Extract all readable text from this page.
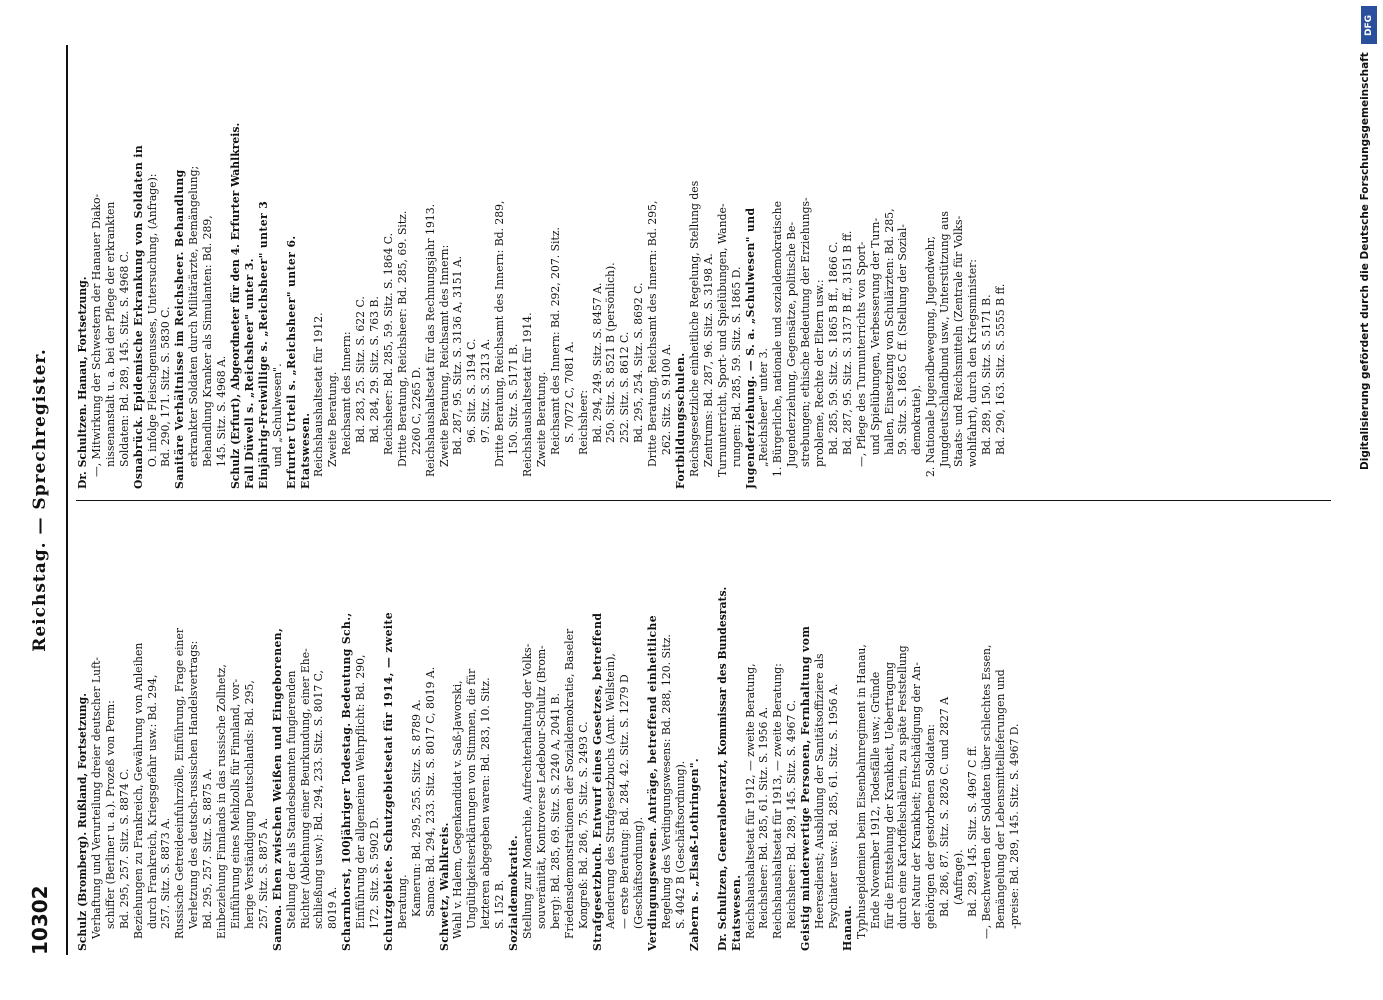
10302
Reichstag. — Sprechregister.
Schulz (Bromberg). Rußland, Fortsetzung. Verhaftung und Verurteilung dreier deutscher Luft- schiffer (Berliner u. a.). Prozeß von Perm: Bd. 295, 257. Sitz. S. 8874 C. Beziehungen zu Frankreich, Gewährung von Anleihen durch Frankreich, Kriegsgefahr usw.: Bd. 294, 257. Sitz. S. 8873 A. Russische Getreideeinfuhrzölle, Einführung, Frage einer Verletzung des deutsch-russischen Handelsvertrags: Bd. 295, 257. Sitz. S. 8875 A. Einbeziehung Finnlands in das russische Zollnetz, Einführung eines Mehlzolls für Finnland, vor- herige Verständigung Deutschlands: Bd. 295, 257. Sitz. S. 8875 A. Samoa. Ehen zwischen Weißen und Eingeborenen, Stellung der als Standesbeamten fungierenden Richter (Ablehnung einer Beurkundung, einer Ehe- schließung usw.): Bd. 294, 233. Sitz. S. 8017 C, 8019 A. Scharnhorst, 100jähriger Todestag. Bedeutung Sch., Einführung der allgemeinen Wehrpflicht: Bd. 290, 172. Sitz. S. 5902 D. Schutzgebiete. Schutzgebietsetat für 1914, — zweite Beratung. Kamerun: Bd. 295, 255. Sitz. S. 8789 A. Samoa: Bd. 294, 233. Sitz. S. 8017 C, 8019 A. Schwetz, Wahlkreis. Wahl v. Halem, Gegenkandidat v. Saß-Jaworski, Ungültigkeitserklärungen von Stimmen, die für letzteren abgegeben waren: Bd. 283, 10. Sitz. S. 152 B. Sozialdemokratie. Stellung zur Monarchie, Aufrechterhaltung der Volks- souveränität, Kontroverse Ledebour-Schultz (Brom- berg): Bd. 285, 69. Sitz. S. 2240 A, 2041 B. Friedensdemonstrationen der Sozialdemokratie, Baseler Kongreß: Bd. 286, 75. Sitz. S. 2493 C. Strafgesetzbuch. Entwurf eines Gesetzes, betreffend Aenderung des Strafgesetzbuchs (Amt. Wellstein), — erste Beratung: Bd. 284, 42. Sitz. S. 1279 D (Geschäftsordnung). Verdingungswesen. Anträge, betreffend einheitliche Regelung des Verdingungswesens: Bd. 288, 120. Sitz. S. 4042 B (Geschäftsordnung). Zabern s. „Elsaß-Lothringen".
Dr. Schultzen, Generaloberarzt, Kommissar des Bundesrats. Etatswesen. Reichshaushaltsetat für 1912, — zweite Beratung, Reichsheer: Bd. 285, 61. Sitz. S. 1956 A. Reichshaushaltsetat für 1913, — zweite Beratung: Reichsheer: Bd. 289, 145. Sitz. S. 4967 C. Geistig minderwertige Personen, Fernhaltung vom Heeresdienst; Ausbildung der Sanitätsoffiziere als Psychiater usw.: Bd. 285, 61. Sitz. S. 1956 A. Hanau. Typhusepidemien beim Eisenbahnregiment in Hanau, Ende November 1912, Todesfälle usw.; Gründe für die Entstehung der Krankheit, Uebertragung durch eine Kartoffelschälerin, zu späte Feststellung der Natur der Krankheit; Entschädigung der An- gehörigen der gestorbenen Soldaten: Bd. 286, 87. Sitz. S. 2826 C. und 2827 A (Anfrage). Bd. 289, 145. Sitz. S. 4967 C ff. —, Beschwerden der Soldaten über schlechtes Essen, Bemängelung der Lebensmittellieferungen und -preise: Bd. 289, 145. Sitz. S. 4967 D.
Dr. Schultzen. Hanau, Fortsetzung. —, Mitwirkung der Schwestern der Hanauer Diako- nissenanstalt u. a. bei der Pflege der erkrankten Soldaten: Bd. 289, 145. Sitz. S. 4968 C. Osnabrück. Epidemische Erkrankung von Soldaten in O. infolge Fleischgenusses, Untersuchung, (Anfrage): Bd. 290, 171. Sitz. S. 5830 C. Sanitäre Verhältnisse im Reichsheer. Behandlung erkrankter Soldaten durch Militärärzte, Bemängelung; Behandlung Kranker als Simulanten: Bd. 289, 145. Sitz. S. 4968 A. Schulz (Erfurt), Abgeordneter für den 4. Erfurter Wahlkreis. Fall Düwell s. „Reichsheer" unter 3. Einjährig-Freiwillige s. „Reichsheer" unter 3 und „Schulwesen". Erfurter Urteil s. „Reichsheer" unter 6. Etatswesen. Reichshaushaltsetat für 1912. Zweite Beratung. Reichsamt des Innern: Bd. 283, 25. Sitz. S. 622 C. Bd. 284, 29. Sitz. S. 763 B. Reichsheer: Bd. 285, 59. Sitz. S. 1864 C. Dritte Beratung, Reichsheer: Bd. 285, 69. Sitz. 2260 C, 2265 D. Reichshaushaltsetat für das Rechnungsjahr 1913. Zweite Beratung, Reichsamt des Innern: Bd. 287, 95. Sitz. S. 3136 A, 3151 A. 96. Sitz. S. 3194 C. 97. Sitz. S. 3213 A. Dritte Beratung, Reichsamt des Innern: Bd. 289, 150. Sitz. S. 5171 B. Reichshaushaltsetat für 1914. Zweite Beratung. Reichsamt des Innern: Bd. 292, 207. Sitz. S. 7072 C, 7081 A. Reichsheer: Bd. 294, 249. Sitz. S. 8457 A. 250. Sitz. S. 8521 B (persönlich). 252. Sitz. S. 8612 C. Bd. 295, 254. Sitz. S. 8692 C. Dritte Beratung, Reichsamt des Innern: Bd. 295, 262. Sitz. S. 9100 A. Fortbildungsschulen. Reichsgesetzliche einheitliche Regelung, Stellung des Zentrums: Bd. 287, 96. Sitz. S. 3198 A. Turnunterricht, Sport- und Spielübungen, Wande- rungen: Bd. 285, 59. Sitz. S. 1865 D. Jugenderziehung. — S. a. „Schulwesen" und „Reichsheer" unter 3. 1. Bürgerliche, nationale und sozialdemokratische Jugenderziehung, Gegensätze, politische Be- strebungen; ethische Bedeutung der Erziehungs- probleme, Rechte der Eltern usw.: Bd. 285, 59. Sitz. S. 1865 B ff., 1866 C. Bd. 287, 95. Sitz. S. 3137 B ff., 3151 B ff. —, Pflege des Turnunterrichts von Sport- und Spielübungen, Verbesserung der Turn- hallen, Einsetzung von Schulärzten: Bd. 285, 59. Sitz. S. 1865 C ff. (Stellung der Sozial- demokratie). 2. Nationale Jugendbewegung, Jugendwehr, Jungdeutschlandbund usw., Unterstützung aus Staats- und Reichsmitteln (Zentrale für Volks- wohlfahrt), durch den Kriegsminister: Bd. 289, 150. Sitz. S. 5171 B. Bd. 290, 163. Sitz. S. 5555 B ff.
DFG
Digitalisierung gefördert durch die Deutsche Forschungsgemeinschaft
